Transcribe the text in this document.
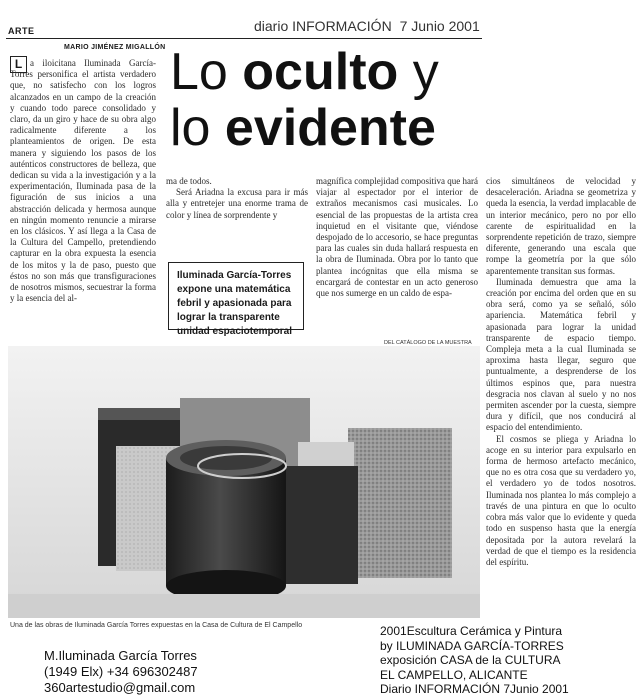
ARTE	diario INFORMACIÓN 7 Junio 2001
MARIO JIMÉNEZ MIGALLÓN Lo oculto y
lo evidente
L a iloicitana Iluminada García-Torres personifica el artista verdadero que, no satisfecho con los logros alcanzados en un campo de la creación y cuando todo parece consolidado y claro, da un giro y hace de su obra algo radicalmente diferente a los planteamientos de origen. De esta manera y siguiendo los pasos de los auténticos constructores de belleza, que dedican su vida a la investigación y a la experimentación, Iluminada pasa de la figuración de sus inicios a una abstracción delicada y hermosa aunque en ningún momento renuncie a mirarse en los clásicos. Y así llega a la Casa de la Cultura del Campello, pretendiendo capturar en la obra expuesta la esencia de los mitos y la de paso, puesto que éstos no son más que transfiguraciones de nosotros mismos, secuestrar la forma y la esencia del al-

ma de todos.

Será Ariadna la excusa para ir más alla y entretejer una enorme trama de color y línea de sorprendente y

Iluminada García-Torres
expone una matemática
febril y apasionada para
lograr la transparente
unidad espaciotemporal

magnífica complejidad compositiva que hará viajar al espectador por el interior de extraños mecanismos casi musicales. Lo esencial de las propuestas de la artista crea inquietud en el visitante que, viéndose despojado de lo accesorio, se hace preguntas para las cuales sin duda hallará respuesta en la obra de Iluminada. Obra por lo tanto que plantea incógnitas que ella misma se encargará de contestar en un acto generoso que nos sumerge en un caldo de espa-

cios simultáneos de velocidad y desaceleración. Ariadna se geometriza y queda la esencia, la verdad implacable de un interior mecánico, pero no por ello carente de espiritualidad en la sorprendente repetición de trazo, siempre diferente, generando una escala que rompe la geometría por la que sólo aparentemente transitan sus formas.

Iluminada demuestra que ama la creación por encima del orden que en su obra será, como ya se señaló, sólo apariencia. Matemática febril y apasionada para lograr la unidad transparente de espacio tiempo. Compleja meta a la cual Iluminada se aproxima hasta llegar, seguro que puntualmente, a desprenderse de los últimos espinos que, para nuestra desgracia nos clavan al suelo y no nos permiten ascender por la cuesta, siempre dura y difícil, que nos conducirá al espacio del entendimiento.

El cosmos se pliega y Ariadna lo acoge en su interior para expulsarlo en forma de hermoso artefacto mecánico, que no es otra cosa que su verdadero yo, el verdadero yo de todos nosotros. Iluminada nos plantea lo más complejo a través de una pintura en que lo oculto cobra más valor que lo evidente y queda todo en suspenso hasta que la energía depositada por la autora revelará la verdad de que el tiempo es la residencia del espíritu.

DEL CATÁLOGO DE LA MUESTRA
Una de las obras de Iluminada García Torres expuestas en la Casa de Cultura de El Campello
M.Iluminada García Torres
(1949 Elx) +34 696302487
360artestudio@gmail.com
2001Escultura Cerámica y Pintura
by ILUMINADA GARCÍA-TORRES
exposición CASA de la CULTURA
EL CAMPELLO, ALICANTE
Diario INFORMACIÓN 7Junio 2001
